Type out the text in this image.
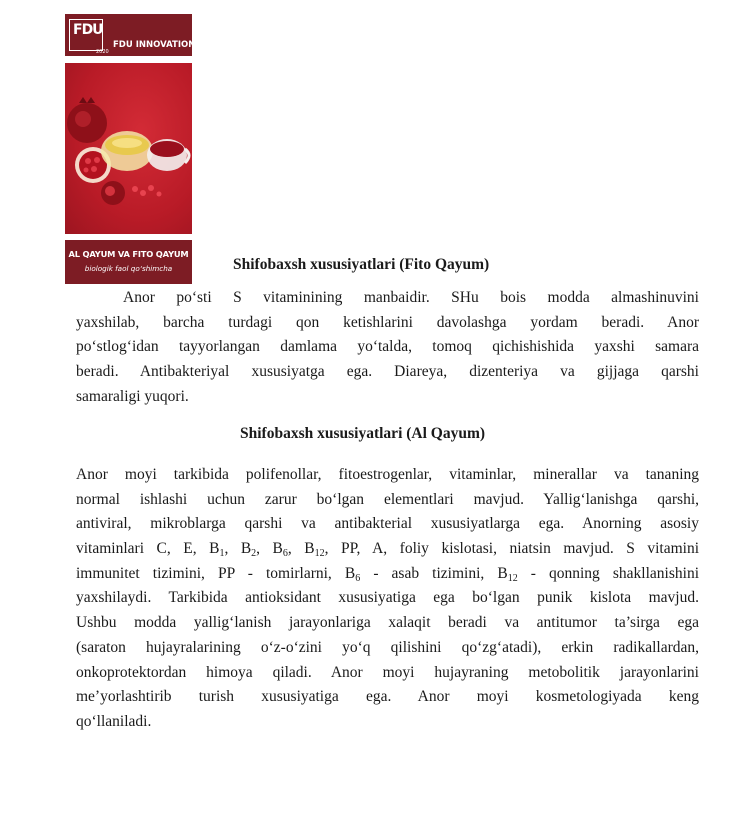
FDU
2020
FDU INNOVATION
AL QAYUM VA FITO QAYUM
biologik faol qo‘shimcha	Shifobaxsh xususiyatlari (Fito Qayum)
Anor po‘sti S vitaminining manbaidir. SHu bois modda almashinuvini
yaxshilab, barcha turdagi qon ketishlarini davolashga yordam beradi. Anor
po‘stlog‘idan tayyorlangan damlama yo‘talda, tomoq qichishishida yaxshi samara
beradi. Antibakteriyal xususiyatga ega. Diareya, dizenteriya va gijjaga qarshi
samaraligi yuqori.
Shifobaxsh xususiyatlari (Al Qayum)
Anor moyi tarkibida polifenollar, fitoestrogenlar, vitaminlar, minerallar va tananing
normal ishlashi uchun zarur bo‘lgan elementlari mavjud. Yallig‘lanishga qarshi,
antiviral, mikroblarga qarshi va antibakterial xususiyatlarga ega. Anorning asosiy
vitaminlari C, E, $B_1$, $B_2$, $B_6$, $B_{12}$, PP, A, foliy kislotasi, niatsin mavjud. S vitamini
immunitet tizimini, PP - tomirlarni, $B_6$ - asab tizimini, $B_{12}$ - qonning shakllanishini
yaxshilaydi. Tarkibida antioksidant xususiyatiga ega bo‘lgan punik kislota mavjud.
Ushbu modda yallig‘lanish jarayonlariga xalaqit beradi va antitumor ta’sirga ega
(saraton hujayralarining o‘z-o‘zini yo‘q qilishini qo‘zg‘atadi), erkin radikallardan,
onkoprotektordan himoya qiladi. Anor moyi hujayraning metobolitik jarayonlarini
me’yorlashtirib turish xususiyatiga ega. Anor moyi kosmetologiyada keng
qo‘llaniladi.
